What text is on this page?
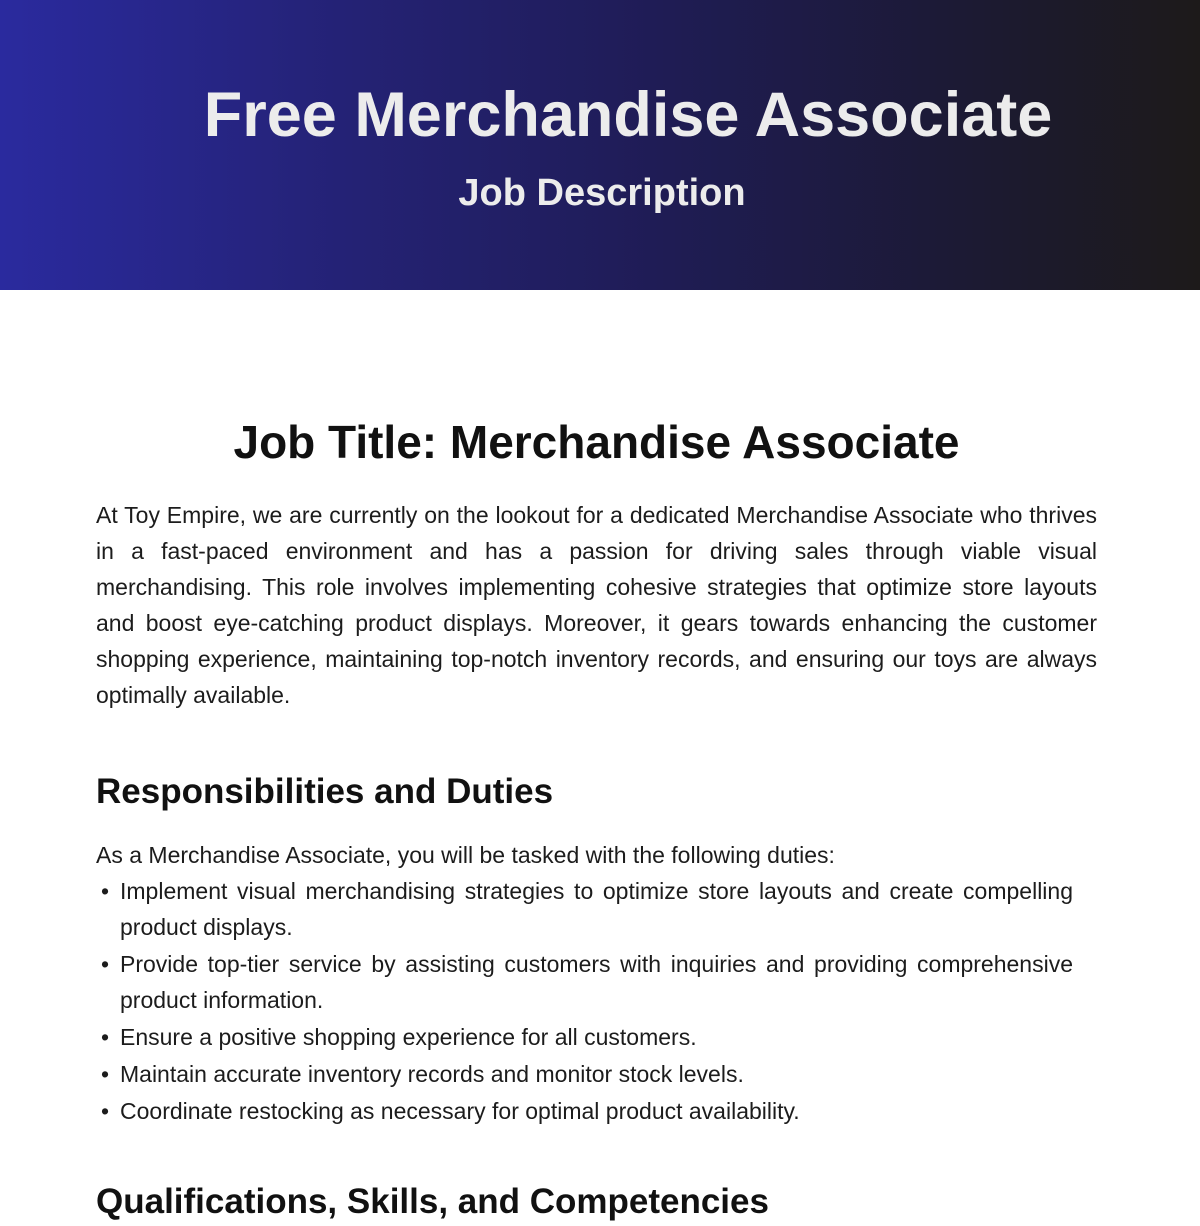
Free Merchandise Associate
Job Description
Job Title: Merchandise Associate

At Toy Empire, we are currently on the lookout for a dedicated Merchandise Associate who thrives in a fast-paced environment and has a passion for driving sales through viable visual merchandising. This role involves implementing cohesive strategies that optimize store layouts and boost eye-catching product displays. Moreover, it gears towards enhancing the customer shopping experience, maintaining top-notch inventory records, and ensuring our toys are always optimally available.

Responsibilities and Duties

As a Merchandise Associate, you will be tasked with the following duties:

• Implement visual merchandising strategies to optimize store layouts and create compelling product displays.
• Provide top-tier service by assisting customers with inquiries and providing comprehensive product information.
• Ensure a positive shopping experience for all customers.
• Maintain accurate inventory records and monitor stock levels.
• Coordinate restocking as necessary for optimal product availability.
Qualifications, Skills, and Competencies
